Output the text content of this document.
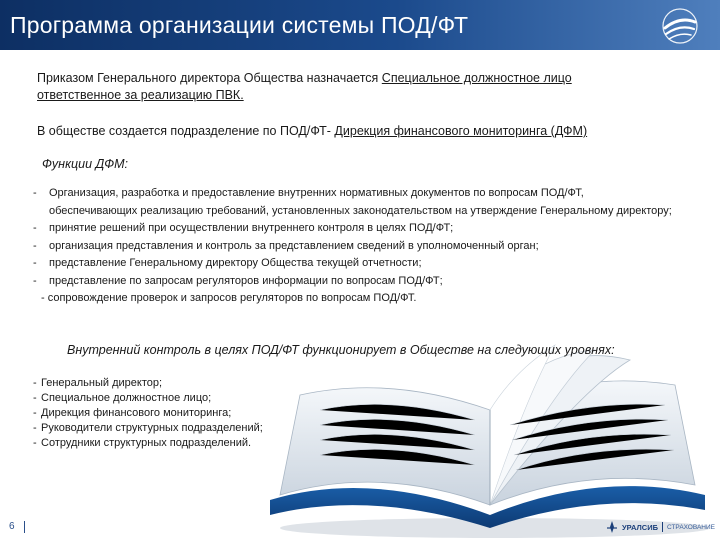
Программа организации системы ПОД/ФТ
Приказом Генерального директора Общества назначается Специальное должностное лицо ответственное за реализацию ПВК.
В обществе создается подразделение по ПОД/ФТ- Дирекция финансового мониторинга (ДФМ)
Функции ДФМ:
- Организация, разработка и предоставление внутренних нормативных документов по вопросам ПОД/ФТ, обеспечивающих реализацию требований, установленных законодательством на утверждение Генеральному директору;
- принятие решений при осуществлении внутреннего контроля в целях ПОД/ФТ;
- организация представления и контроль за представлением сведений в уполномоченный орган;
- представление Генеральному директору Общества текущей отчетности;
- представление по запросам регуляторов информации по вопросам ПОД/ФТ;
- сопровождение проверок и запросов регуляторов по вопросам ПОД/ФТ.
Внутренний контроль в целях ПОД/ФТ функционирует в Обществе на следующих уровнях:
- Генеральный директор;
- Специальное должностное лицо;
- Дирекция финансового мониторинга;
- Руководители структурных подразделений;
- Сотрудники структурных подразделений.
6	УРАЛСИБ СТРАХОВАНИЕ
